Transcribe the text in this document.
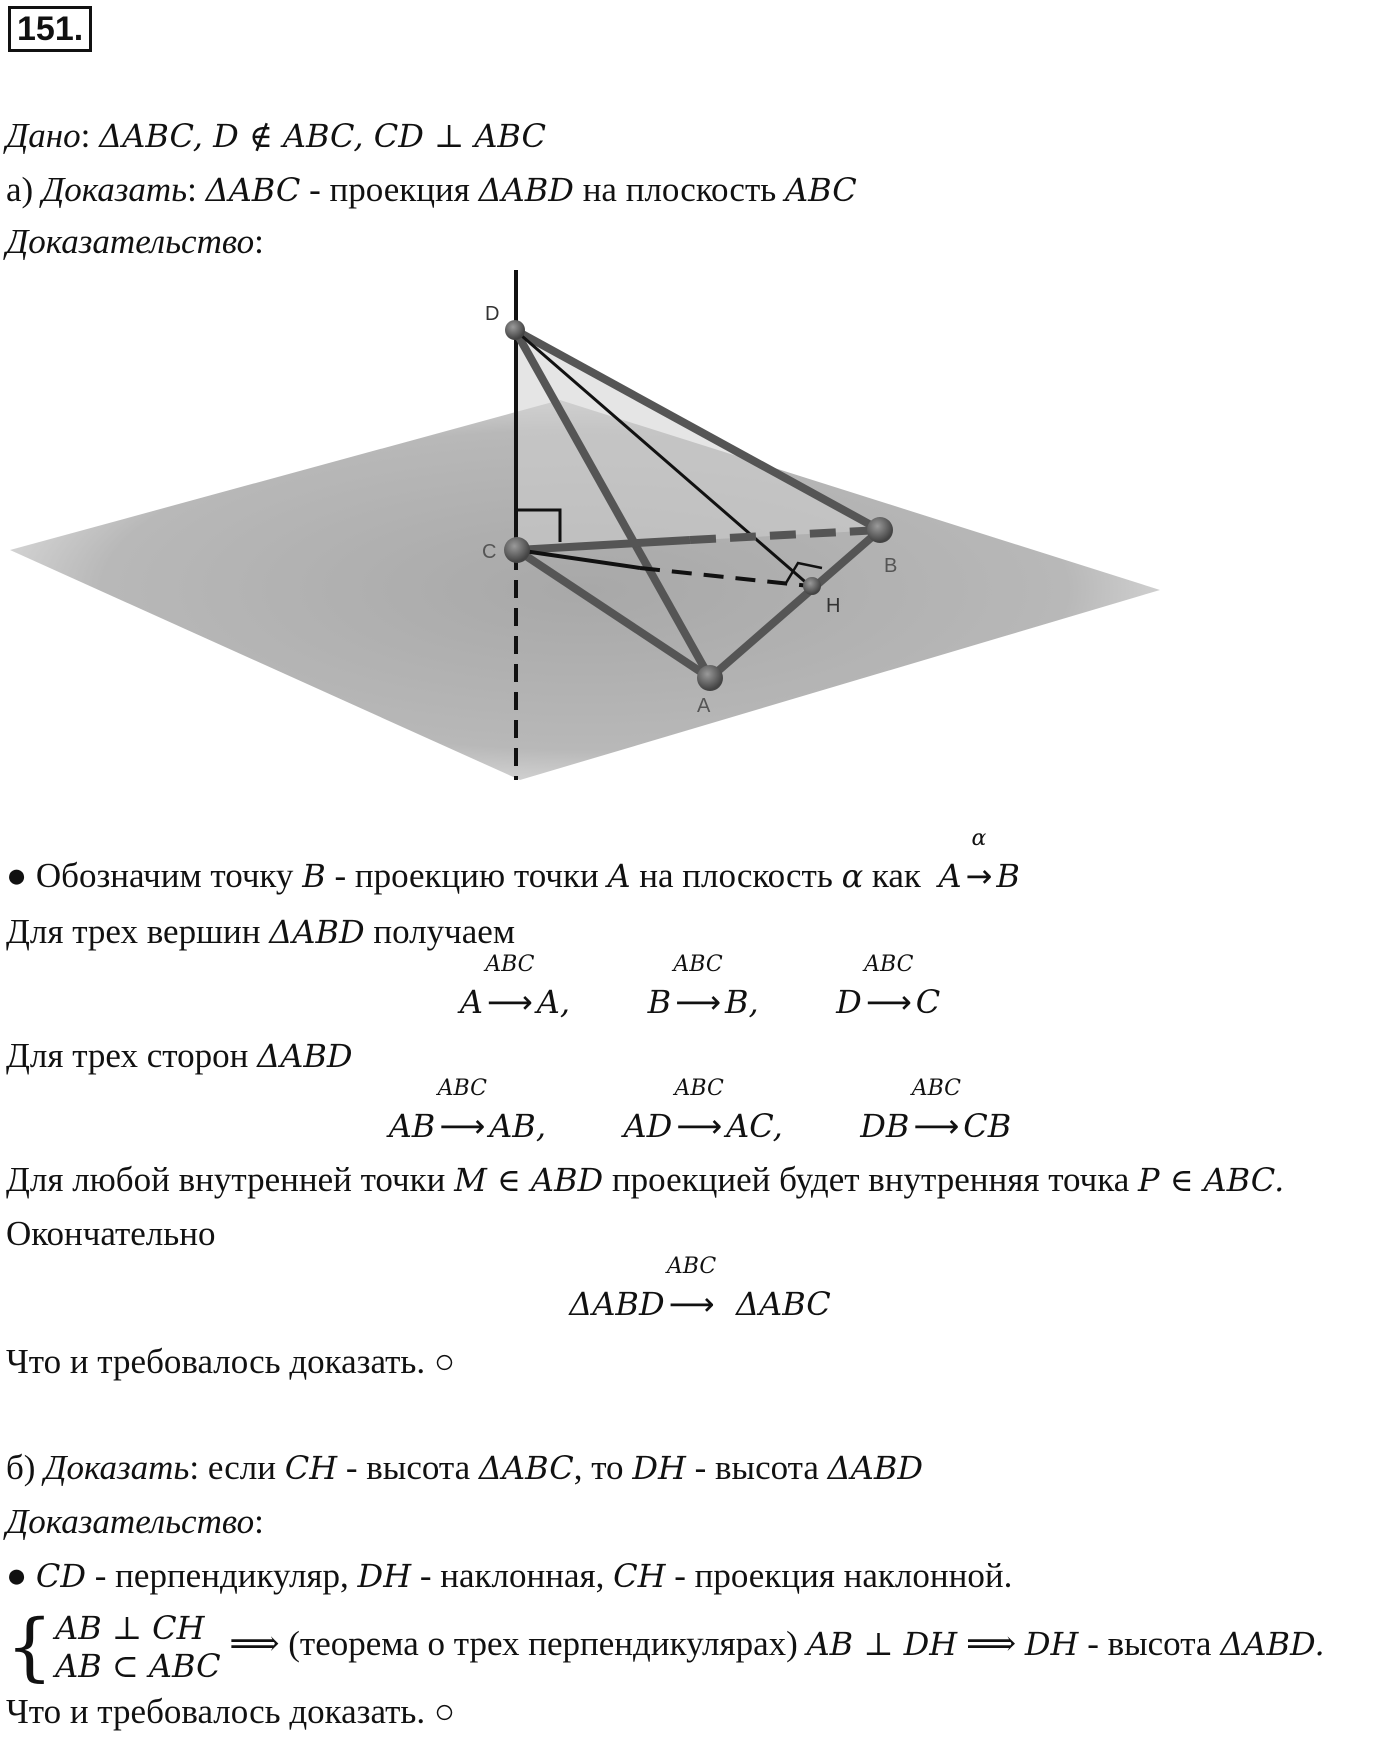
151.
Дано: ΔABC, D ∉ ABC, CD ⊥ ABC
а) Доказать: ΔABC - проекция ΔABD на плоскость ABC
Доказательство:
D
C
B
H
A
● Обозначим точку B - проекцию точки A на плоскость α как  A
α
→ B
Для трех вершин ΔABD получаем
A
ABC
⟶ A, B
ABC
⟶ B, D
ABC
⟶ C
Для трех сторон ΔABD
AB
ABC
⟶ AB, AD
ABC
⟶ AC, DB
ABC
⟶ CB
Для любой внутренней точки M ∈ ABD проекцией будет внутренняя точка P ∈ ABC.
Окончательно
ΔABD
ABC
⟶ ΔABC
Что и требовалось доказать. ○
б) Доказать: если CH - высота ΔABC, то DH - высота ΔABD
Доказательство:
● CD - перпендикуляр, DH - наклонная, CH - проекция наклонной.
{ AB ⊥ CH
AB ⊂ ABC
⟹ (теорема о трех перпендикулярах) AB ⊥ DH ⟹ DH - высота ΔABD.
Что и требовалось доказать. ○
